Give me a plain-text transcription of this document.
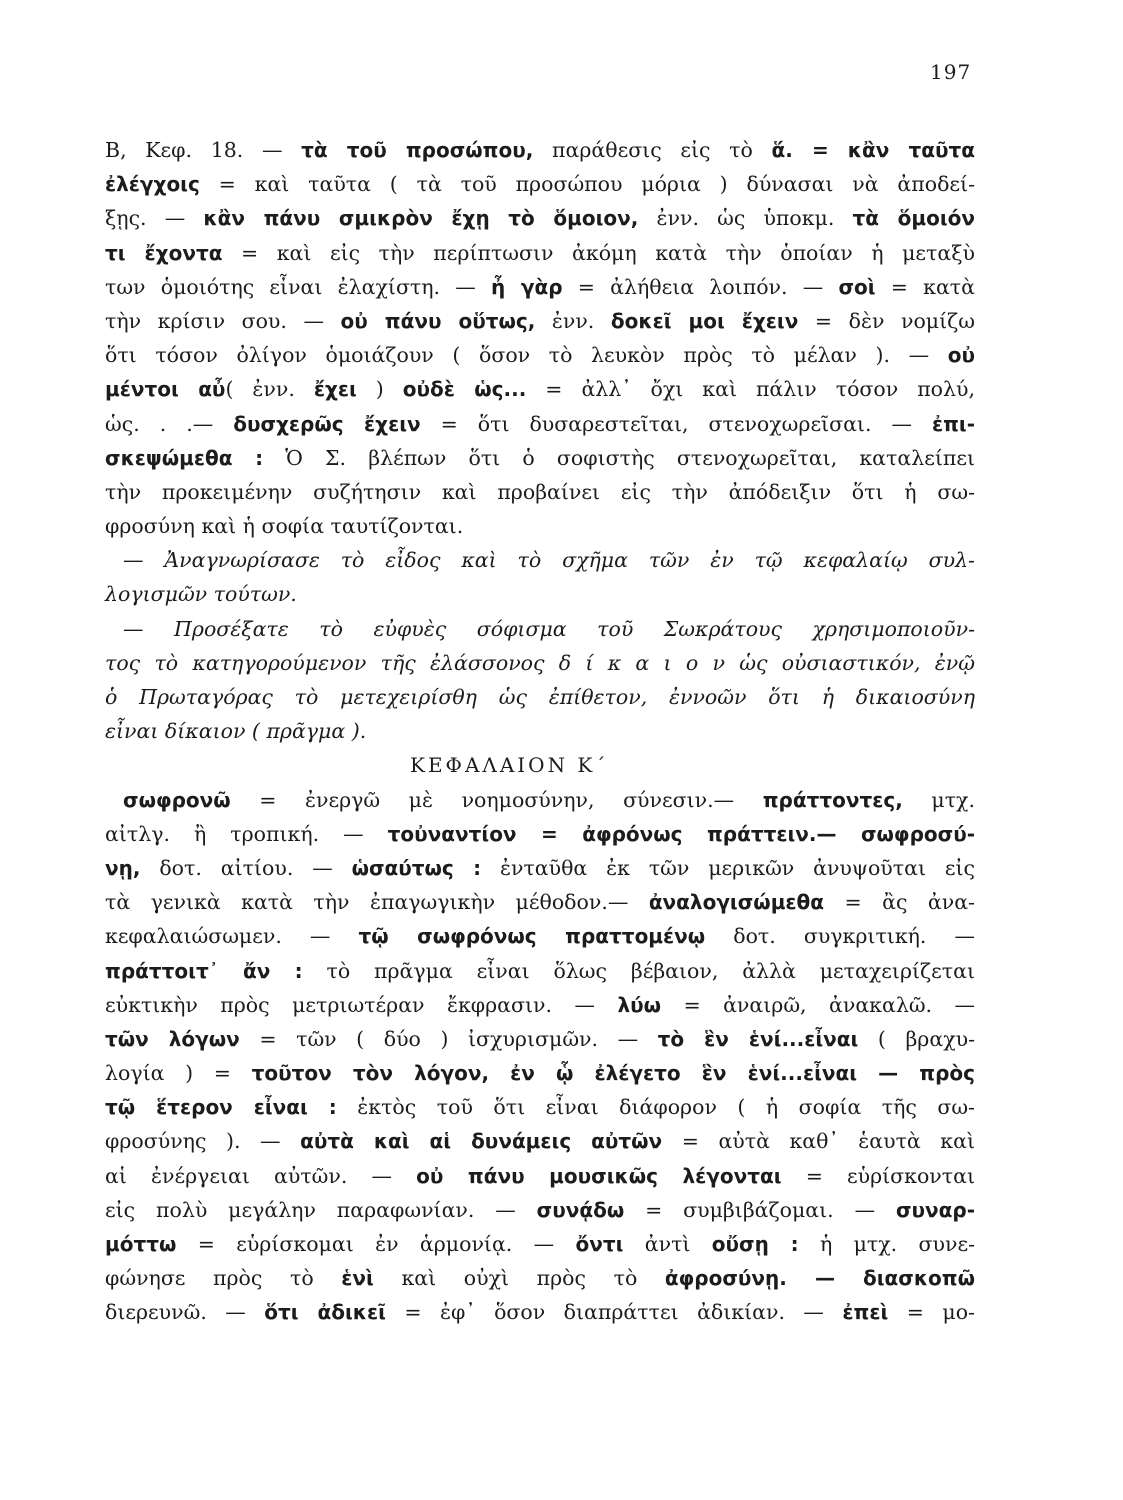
197
Β, Κεφ. 18. — τὰ τοῦ προσώπου, παράθεσις εἰς τὸ ἅ. = κἂν ταῦτα
ἐλέγχοις = καὶ ταῦτα ( τὰ τοῦ προσώπου μόρια ) δύνασαι νὰ ἀποδεί-
ξῃς. — κἂν πάνυ σμικρὸν ἔχῃ τὸ ὅμοιον, ἐνν. ὡς ὑποκμ. τὰ ὅμοιόν
τι ἔχοντα = καὶ εἰς τὴν περίπτωσιν ἀκόμη κατὰ τὴν ὁποίαν ἡ μεταξὺ
των ὁμοιότης εἶναι ἐλαχίστη. — ἦ γὰρ = ἀλήθεια λοιπόν. — σοὶ = κατὰ
τὴν κρίσιν σου. — οὐ πάνυ οὕτως, ἐνν. δοκεῖ μοι ἔχειν = δὲν νομίζω
ὅτι τόσον ὀλίγον ὁμοιάζουν ( ὅσον τὸ λευκὸν πρὸς τὸ μέλαν ). — οὐ
μέντοι αὖ( ἐνν. ἔχει ) οὐδὲ ὡς... = ἀλλ᾽ ὄχι καὶ πάλιν τόσον πολύ,
ὡς. . .— δυσχερῶς ἔχειν = ὅτι δυσαρεστεῖται, στενοχωρεῖσαι. — ἐπι-
σκεψώμεθα : Ὁ Σ. βλέπων ὅτι ὁ σοφιστὴς στενοχωρεῖται, καταλείπει
τὴν προκειμένην συζήτησιν καὶ προβαίνει εἰς τὴν ἀπόδειξιν ὅτι ἡ σω-
φροσύνη καὶ ἡ σοφία ταυτίζονται.
— Ἀναγνωρίσασε τὸ εἶδος καὶ τὸ σχῆμα τῶν ἐν τῷ κεφαλαίῳ συλ-
λογισμῶν τούτων.
— Προσέξατε τὸ εὐφυὲς σόφισμα τοῦ Σωκράτους χρησιμοποιοῦν-
τος τὸ κατηγορούμενον τῆς ἐλάσσονος δ ί κ α ι ο ν ὡς οὐσιαστικόν, ἐνῷ
ὁ Πρωταγόρας τὸ μετεχειρίσθη ὡς ἐπίθετον, ἐννοῶν ὅτι ἡ δικαιοσύνη
εἶναι δίκαιον ( πρᾶγμα ).
ΚΕΦΑΛΑΙΟΝ Κ΄
σωφρονῶ = ἐνεργῶ μὲ νοημοσύνην, σύνεσιν.— πράττοντες, μτχ.
αἰτλγ. ἢ τροπική. — τοὐναντίον = ἀφρόνως πράττειν.— σωφροσύ-
νῃ, δοτ. αἰτίου. — ὡσαύτως : ἐνταῦθα ἐκ τῶν μερικῶν ἀνυψοῦται εἰς
τὰ γενικὰ κατὰ τὴν ἐπαγωγικὴν μέθοδον.— ἀναλογισώμεθα = ἂς ἀνα-
κεφαλαιώσωμεν. — τῷ σωφρόνως πραττομένῳ δοτ. συγκριτική. —
πράττοιτ᾽ ἄν : τὸ πρᾶγμα εἶναι ὅλως βέβαιον, ἀλλὰ μεταχειρίζεται
εὐκτικὴν πρὸς μετριωτέραν ἔκφρασιν. — λύω = ἀναιρῶ, ἀνακαλῶ. —
τῶν λόγων = τῶν ( δύο ) ἰσχυρισμῶν. — τὸ ἓν ἑνί...εἶναι ( βραχυ-
λογία ) = τοῦτον τὸν λόγον, ἐν ᾧ ἐλέγετο ἓν ἑνί...εἶναι — πρὸς
τῷ ἕτερον εἶναι : ἐκτὸς τοῦ ὅτι εἶναι διάφορον ( ἡ σοφία τῆς σω-
φροσύνης ). — αὐτὰ καὶ αἱ δυνάμεις αὐτῶν = αὐτὰ καθ᾽ ἑαυτὰ καὶ
αἱ ἐνέργειαι αὐτῶν. — οὐ πάνυ μουσικῶς λέγονται = εὑρίσκονται
εἰς πολὺ μεγάλην παραφωνίαν. — συνᾴδω = συμβιβάζομαι. — συναρ-
μόττω = εὑρίσκομαι ἐν ἁρμονίᾳ. — ὄντι ἀντὶ οὔσῃ : ἡ μτχ. συνε-
φώνησε πρὸς τὸ ἑνὶ καὶ οὐχὶ πρὸς τὸ ἀφροσύνῃ. — διασκοπῶ
διερευνῶ. — ὅτι ἀδικεῖ = ἐφ᾽ ὅσον διαπράττει ἀδικίαν. — ἐπεὶ = μο-
